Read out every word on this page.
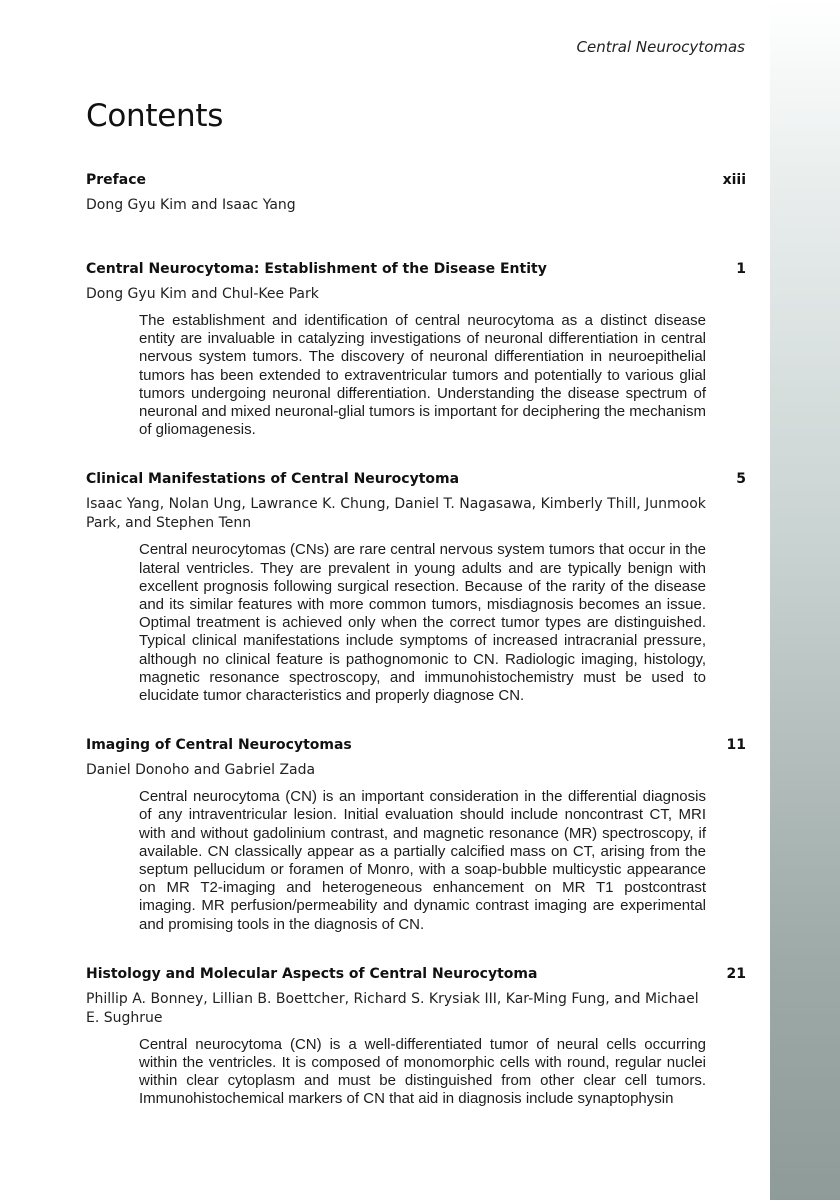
Central Neurocytomas
Contents
Preface	xiii
Dong Gyu Kim and Isaac Yang
Central Neurocytoma: Establishment of the Disease Entity	1
Dong Gyu Kim and Chul-Kee Park
The establishment and identification of central neurocytoma as a distinct disease entity are invaluable in catalyzing investigations of neuronal differentiation in central nervous system tumors. The discovery of neuronal differentiation in neuroepithelial tumors has been extended to extraventricular tumors and potentially to various glial tumors undergoing neuronal differentiation. Understanding the disease spectrum of neuronal and mixed neuronal-glial tumors is important for deciphering the mechanism of gliomagenesis.
Clinical Manifestations of Central Neurocytoma	5
Isaac Yang, Nolan Ung, Lawrance K. Chung, Daniel T. Nagasawa, Kimberly Thill, Junmook Park, and Stephen Tenn
Central neurocytomas (CNs) are rare central nervous system tumors that occur in the lateral ventricles. They are prevalent in young adults and are typically benign with excellent prognosis following surgical resection. Because of the rarity of the disease and its similar features with more common tumors, misdiagnosis becomes an issue. Optimal treatment is achieved only when the correct tumor types are distinguished. Typical clinical manifestations include symptoms of increased intracranial pressure, although no clinical feature is pathognomonic to CN. Radiologic imaging, histology, magnetic resonance spectroscopy, and immunohistochemistry must be used to elucidate tumor characteristics and properly diagnose CN.
Imaging of Central Neurocytomas	11
Daniel Donoho and Gabriel Zada
Central neurocytoma (CN) is an important consideration in the differential diagnosis of any intraventricular lesion. Initial evaluation should include noncontrast CT, MRI with and without gadolinium contrast, and magnetic resonance (MR) spectroscopy, if available. CN classically appear as a partially calcified mass on CT, arising from the septum pellucidum or foramen of Monro, with a soap-bubble multicystic appearance on MR T2-imaging and heterogeneous enhancement on MR T1 postcontrast imaging. MR perfusion/permeability and dynamic contrast imaging are experimental and promising tools in the diagnosis of CN.
Histology and Molecular Aspects of Central Neurocytoma	21
Phillip A. Bonney, Lillian B. Boettcher, Richard S. Krysiak III, Kar-Ming Fung, and Michael E. Sughrue
Central neurocytoma (CN) is a well-differentiated tumor of neural cells occurring within the ventricles. It is composed of monomorphic cells with round, regular nuclei within clear cytoplasm and must be distinguished from other clear cell tumors. Immunohistochemical markers of CN that aid in diagnosis include synaptophysin
